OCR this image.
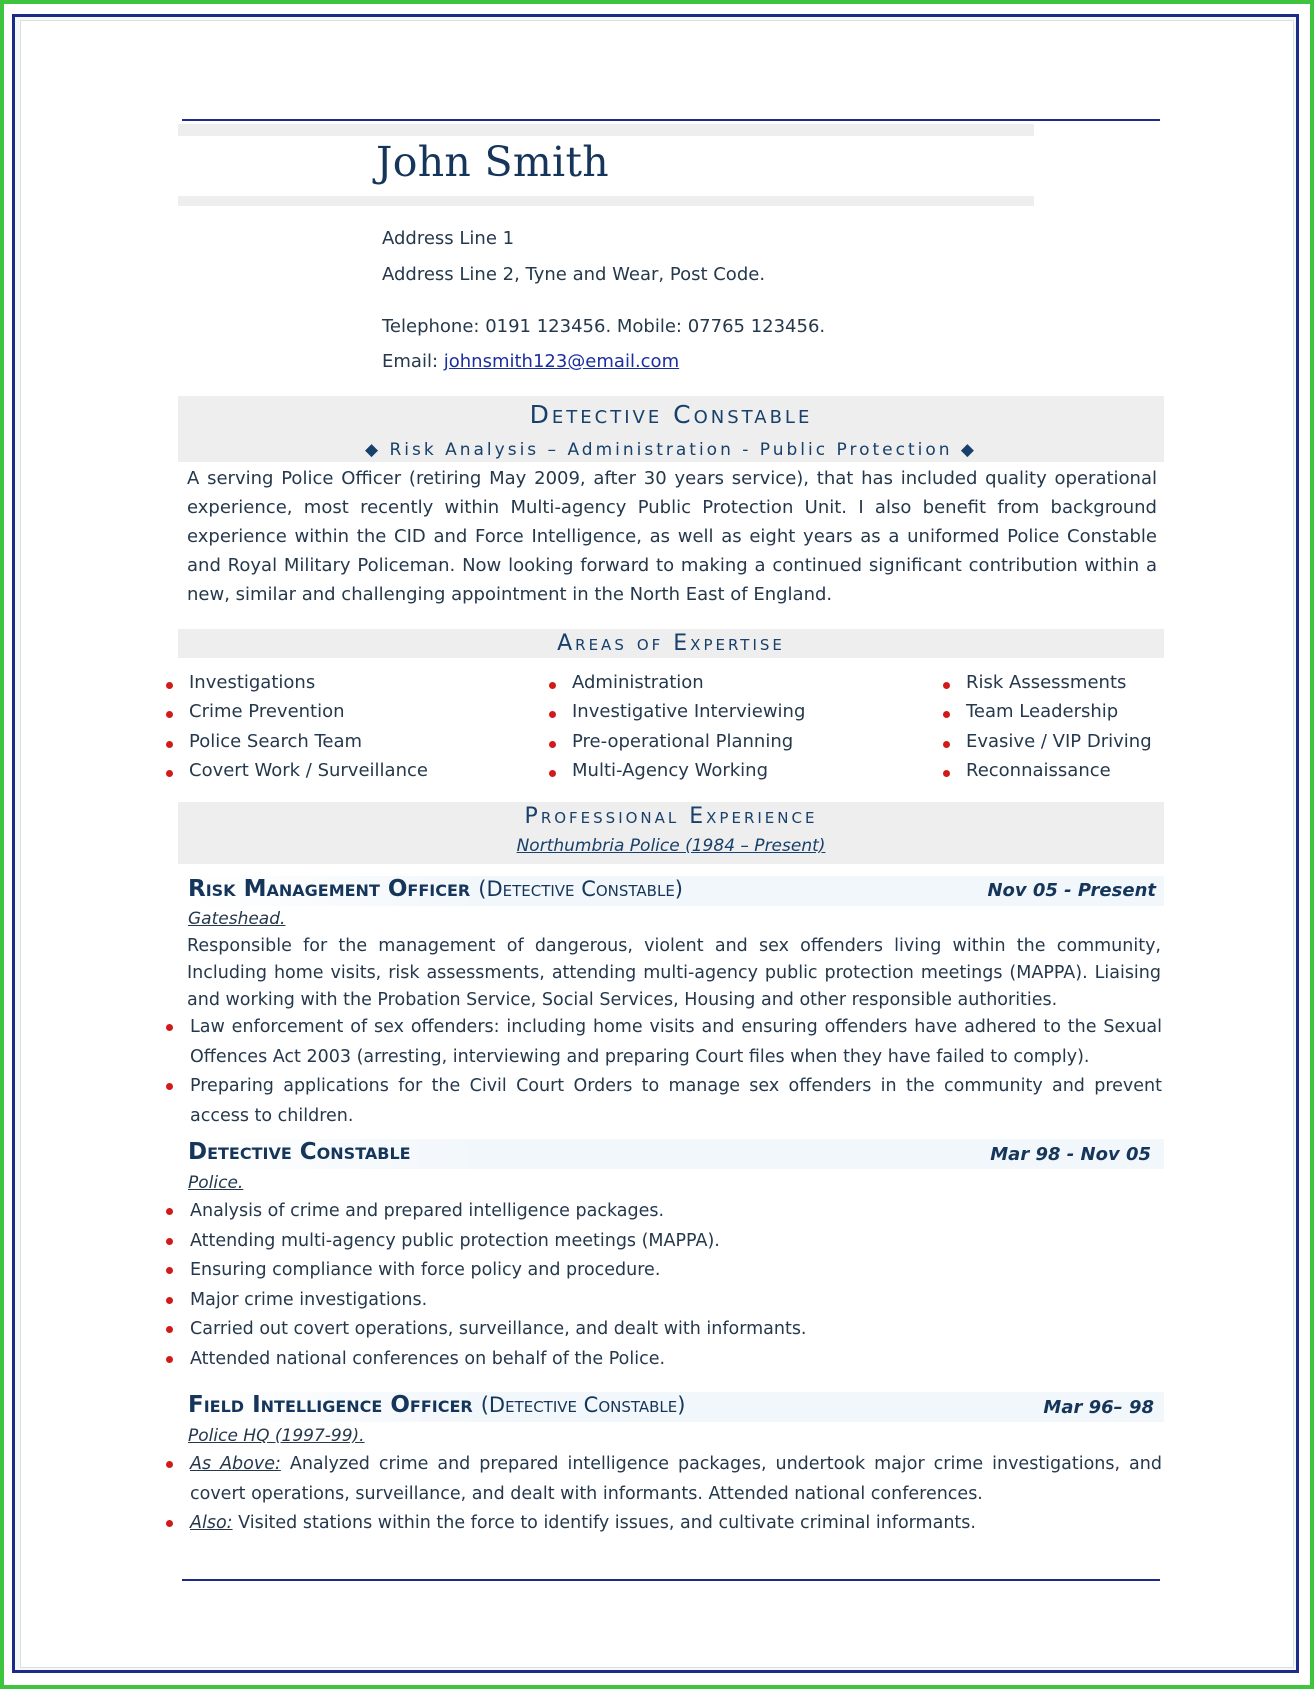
John Smith
Address Line 1
Address Line 2, Tyne and Wear, Post Code.
Telephone: 0191 123456. Mobile: 07765 123456.
Email: johnsmith123@email.com
Detective Constable
◆ Risk Analysis – Administration - Public Protection ◆
A serving Police Officer (retiring May 2009, after 30 years service), that has included quality operational experience, most recently within Multi-agency Public Protection Unit. I also benefit from background experience within the CID and Force Intelligence, as well as eight years as a uniformed Police Constable and Royal Military Policeman. Now looking forward to making a continued significant contribution within a new, similar and challenging appointment in the North East of England.
Areas of Expertise
Investigations
Crime Prevention
Police Search Team
Covert Work / Surveillance
Administration
Investigative Interviewing
Pre-operational Planning
Multi-Agency Working
Risk Assessments
Team Leadership
Evasive / VIP Driving
Reconnaissance
Professional Experience
Northumbria Police (1984 – Present)
Risk Management Officer (Detective Constable)	Nov 05 - Present
Gateshead.
Responsible for the management of dangerous, violent and sex offenders living within the community, Including home visits, risk assessments, attending multi-agency public protection meetings (MAPPA). Liaising and working with the Probation Service, Social Services, Housing and other responsible authorities.
Law enforcement of sex offenders: including home visits and ensuring offenders have adhered to the Sexual Offences Act 2003 (arresting, interviewing and preparing Court files when they have failed to comply).
Preparing applications for the Civil Court Orders to manage sex offenders in the community and prevent access to children.
Detective Constable	Mar 98 - Nov 05
Police.
Analysis of crime and prepared intelligence packages.
Attending multi-agency public protection meetings (MAPPA).
Ensuring compliance with force policy and procedure.
Major crime investigations.
Carried out covert operations, surveillance, and dealt with informants.
Attended national conferences on behalf of the Police.
Field Intelligence Officer (Detective Constable)	Mar 96– 98
Police HQ (1997-99).
As Above: Analyzed crime and prepared intelligence packages, undertook major crime investigations, and covert operations, surveillance, and dealt with informants. Attended national conferences.
Also: Visited stations within the force to identify issues, and cultivate criminal informants.
